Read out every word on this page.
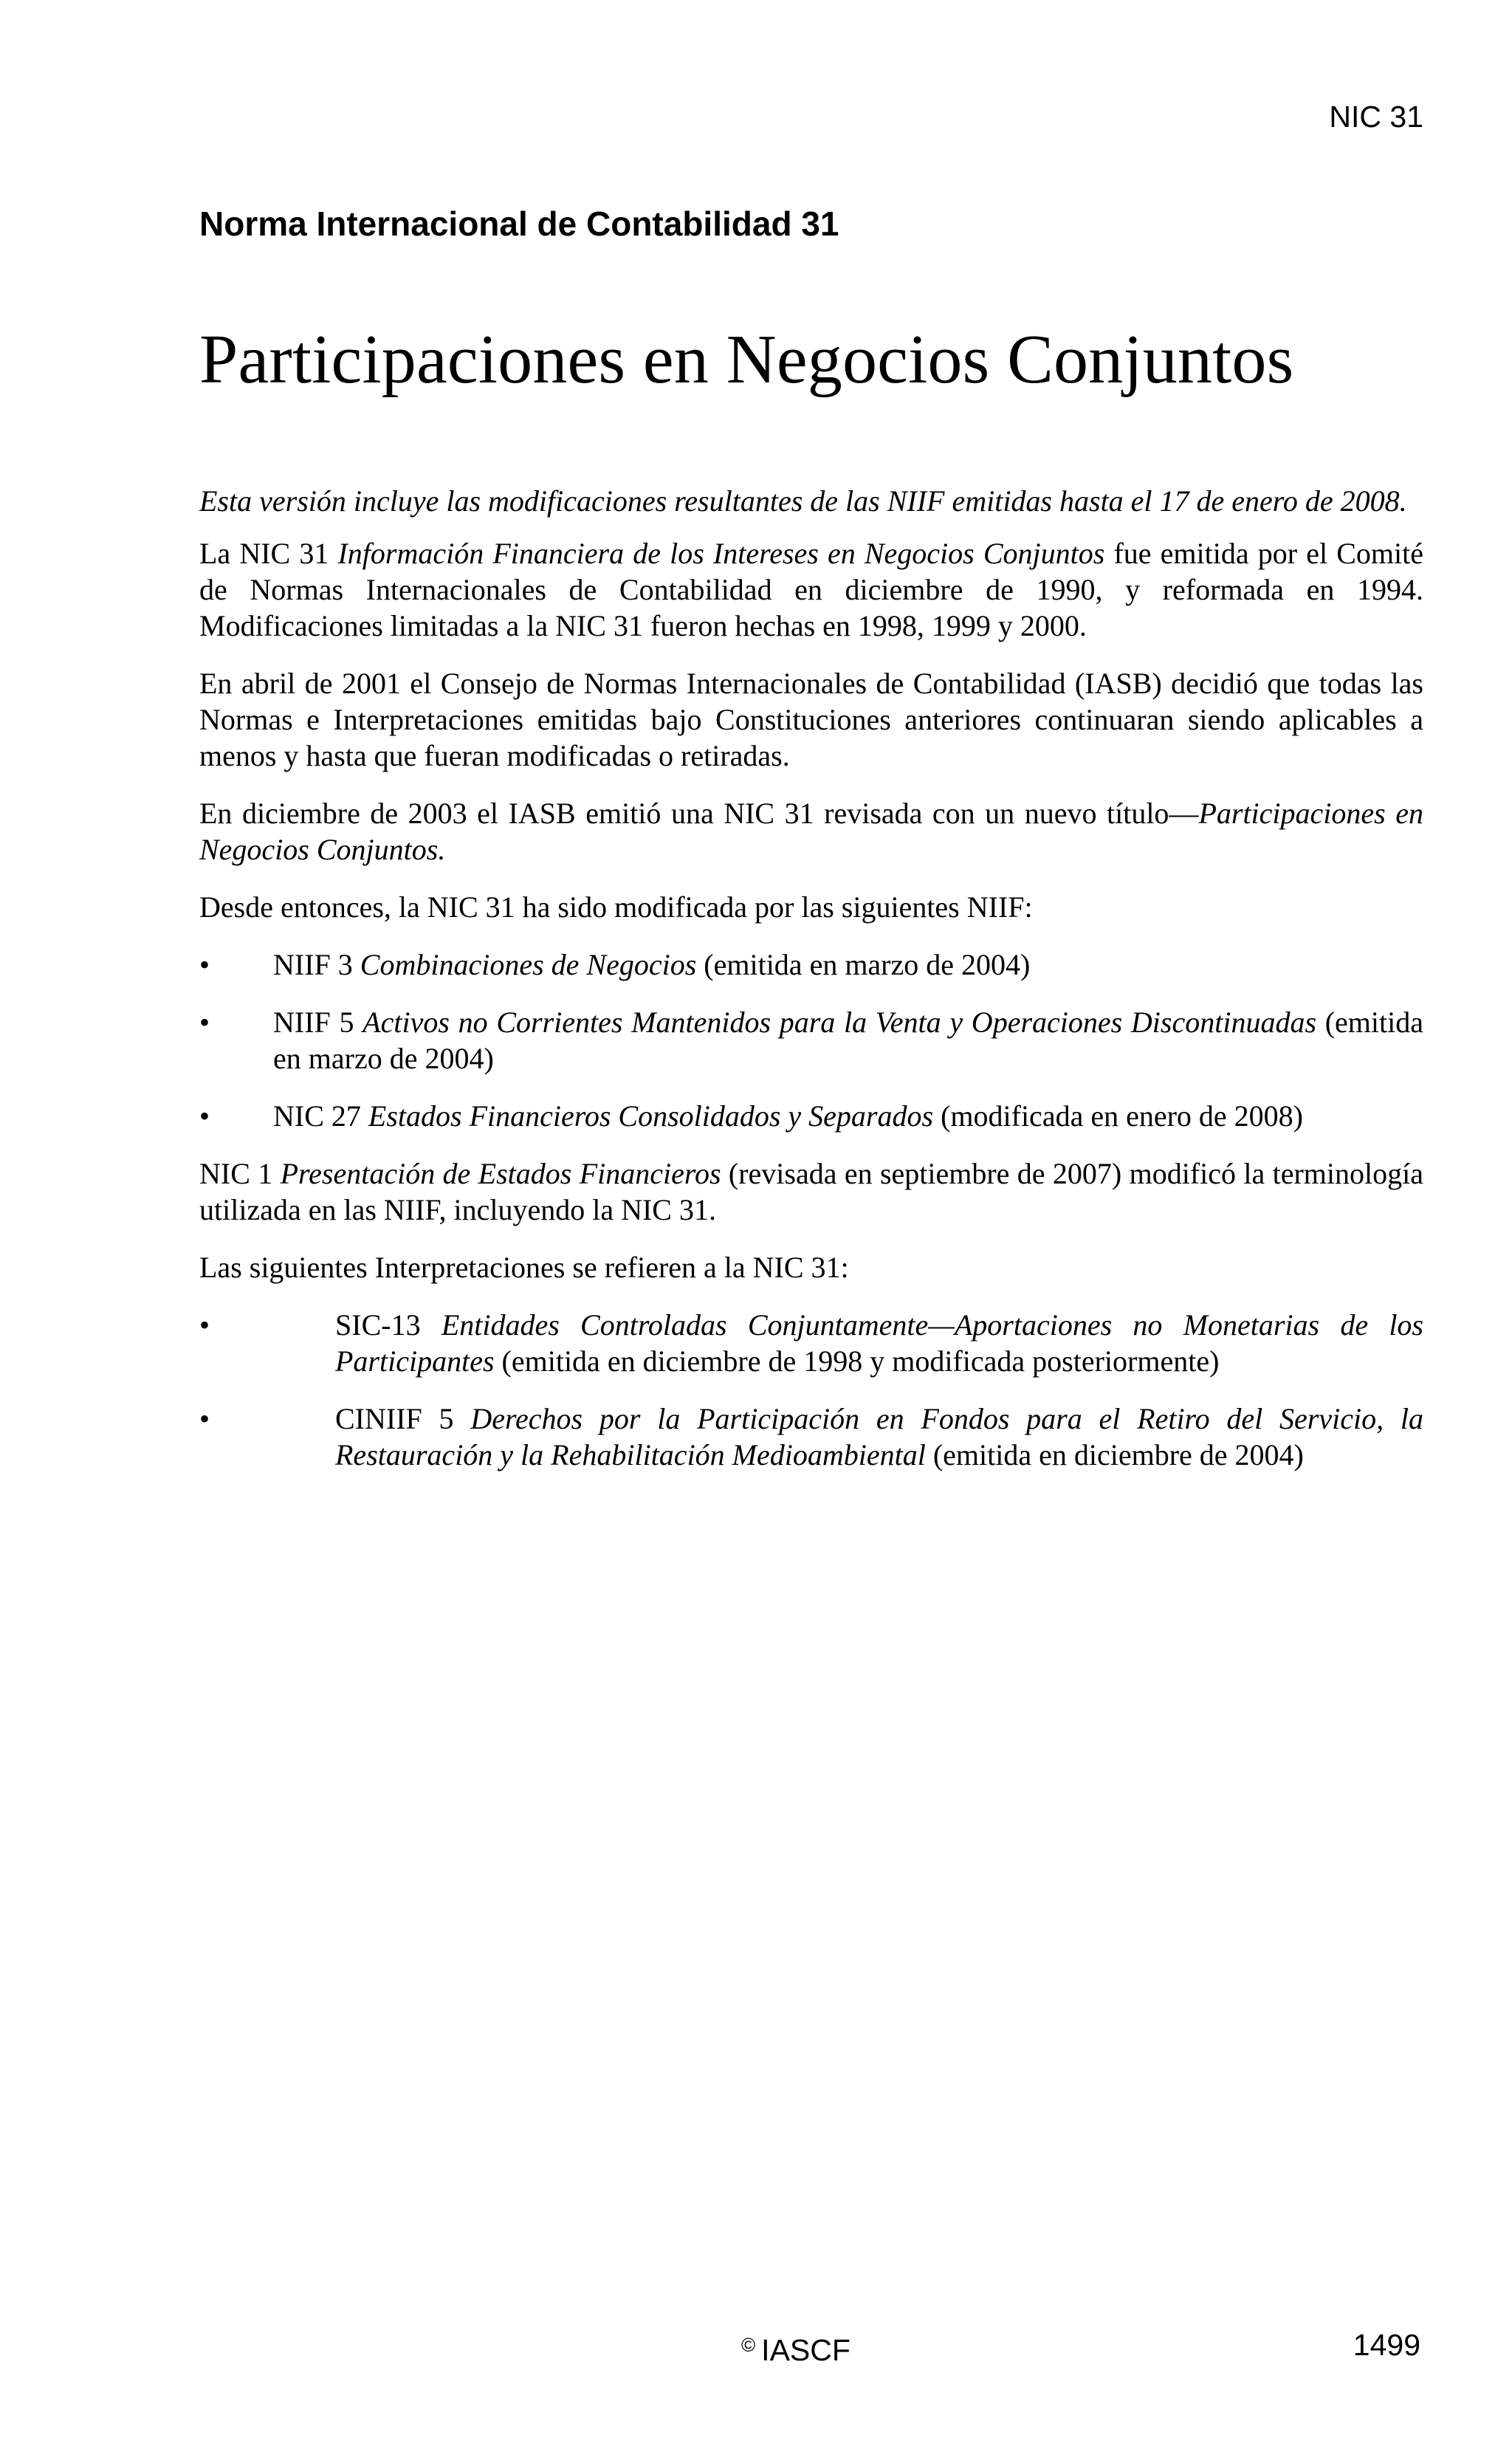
NIC 31
Norma Internacional de Contabilidad 31
Participaciones en Negocios Conjuntos

Esta versión incluye las modificaciones resultantes de las NIIF emitidas hasta el 17 de enero de 2008.

La NIC 31 Información Financiera de los Intereses en Negocios Conjuntos fue emitida por el Comité de Normas Internacionales de Contabilidad en diciembre de 1990, y reformada en 1994. Modificaciones limitadas a la NIC 31 fueron hechas en 1998, 1999 y 2000.

En abril de 2001 el Consejo de Normas Internacionales de Contabilidad (IASB) decidió que todas las Normas e Interpretaciones emitidas bajo Constituciones anteriores continuaran siendo aplicables a menos y hasta que fueran modificadas o retiradas.

En diciembre de 2003 el IASB emitió una NIC 31 revisada con un nuevo título—Participaciones en Negocios Conjuntos.

Desde entonces, la NIC 31 ha sido modificada por las siguientes NIIF:

• NIIF 3 Combinaciones de Negocios (emitida en marzo de 2004)
• NIIF 5 Activos no Corrientes Mantenidos para la Venta y Operaciones Discontinuadas (emitida en marzo de 2004)
• NIC 27 Estados Financieros Consolidados y Separados (modificada en enero de 2008)

NIC 1 Presentación de Estados Financieros (revisada en septiembre de 2007) modificó la terminología utilizada en las NIIF, incluyendo la NIC 31.

Las siguientes Interpretaciones se refieren a la NIC 31:

•	SIC-13 Entidades Controladas Conjuntamente—Aportaciones no Monetarias de los Participantes (emitida en diciembre de 1998 y modificada posteriormente)
•	CINIIF 5 Derechos por la Participación en Fondos para el Retiro del Servicio, la Restauración y la Rehabilitación Medioambiental (emitida en diciembre de 2004)
© IASCF	1499
